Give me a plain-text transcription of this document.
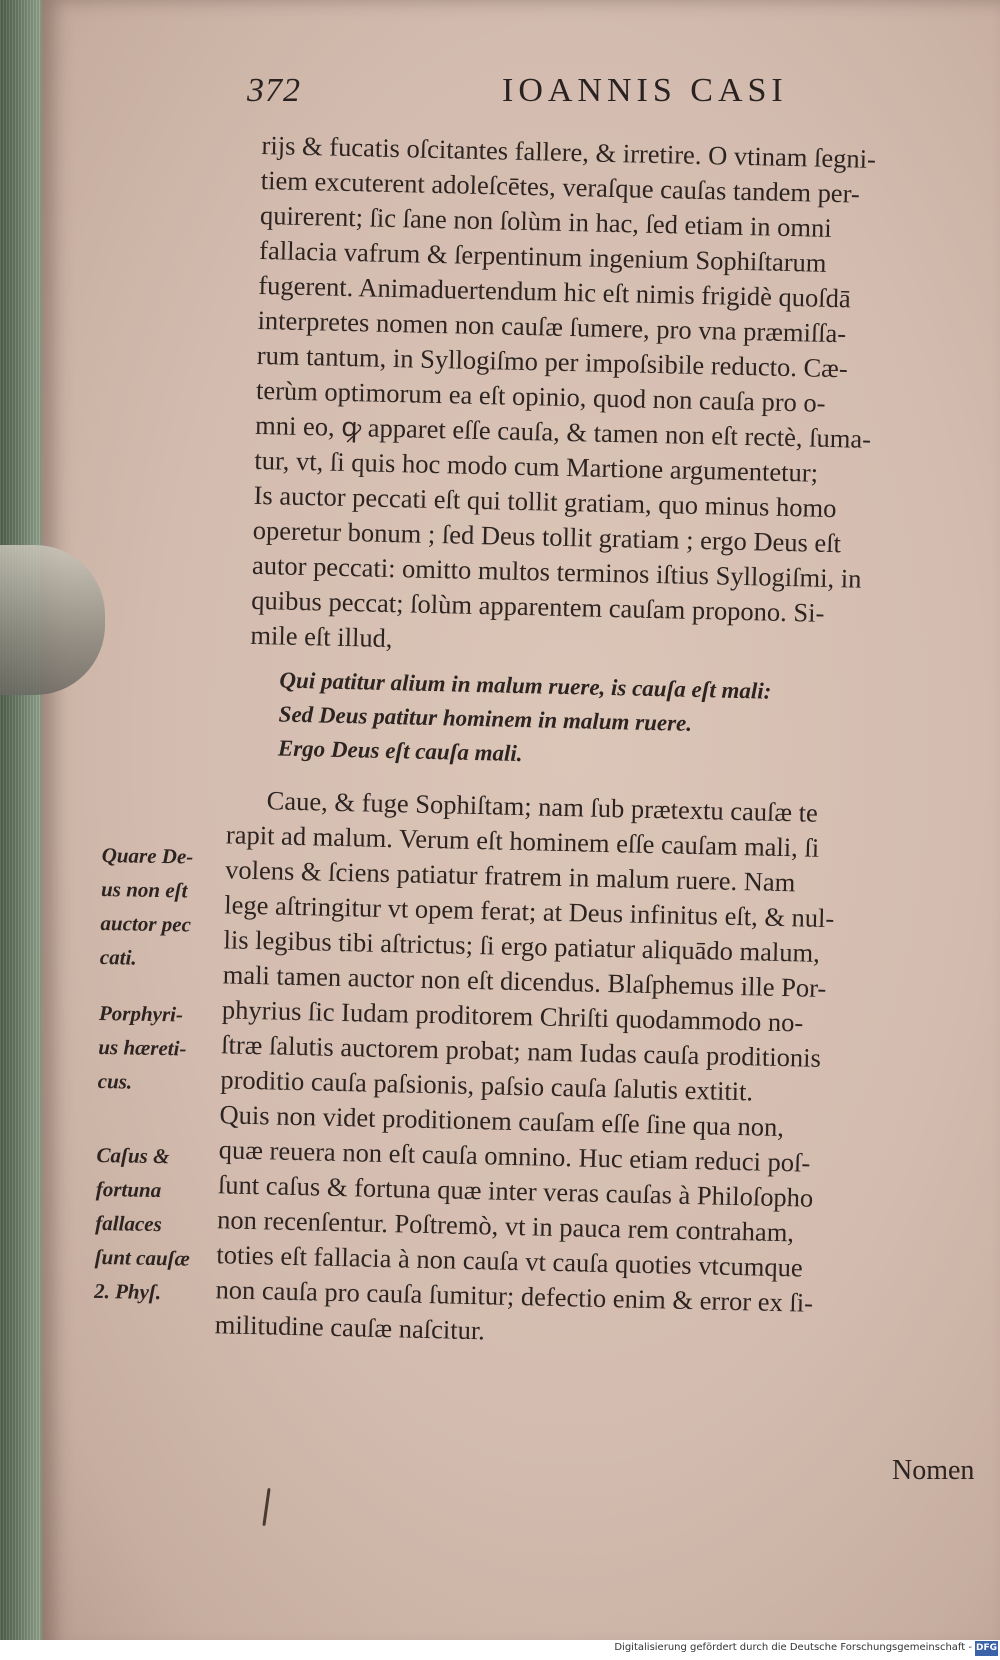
372	IOANNIS CASI
rijs & fucatis oſcitantes fallere, & irretire. O vtinam ſegni-
tiem excuterent adoleſcētes, veraſque cauſas tandem per-
quirerent; ſic ſane non ſolùm in hac, ſed etiam in omni
fallacia vafrum & ſerpentinum ingenium Sophiſtarum
fugerent. Animaduertendum hic eſt nimis frigidè quoſdā
interpretes nomen non cauſæ ſumere, pro vna præmiſſa-
rum tantum, in Syllogiſmo per impoſsibile reducto. Cæ-
terùm optimorum ea eſt opinio, quod non cauſa pro o-
mni eo, ꝙ apparet eſſe cauſa, & tamen non eſt rectè, ſuma-
tur, vt, ſi quis hoc modo cum Martione argumentetur;
Is auctor peccati eſt qui tollit gratiam, quo minus homo
operetur bonum ; ſed Deus tollit gratiam ; ergo Deus eſt
autor peccati: omitto multos terminos iſtius Syllogiſmi, in
quibus peccat; ſolùm apparentem cauſam propono. Si-
mile eſt illud,
Qui patitur alium in malum ruere, is cauſa eſt mali:
Sed Deus patitur hominem in malum ruere.
Ergo Deus eſt cauſa mali.
Caue, & fuge Sophiſtam; nam ſub prætextu cauſæ te
rapit ad malum. Verum eſt hominem eſſe cauſam mali, ſi
volens & ſciens patiatur fratrem in malum ruere. Nam
lege aſtringitur vt opem ferat; at Deus infinitus eſt, & nul-
lis legibus tibi aſtrictus; ſi ergo patiatur aliquādo malum,
mali tamen auctor non eſt dicendus. Blaſphemus ille Por-
phyrius ſic Iudam proditorem Chriſti quodammodo no-
ſtræ ſalutis auctorem probat; nam Iudas cauſa proditionis
proditio cauſa paſsionis, paſsio cauſa ſalutis extitit.
Quis non videt proditionem cauſam eſſe ſine qua non,
quæ reuera non eſt cauſa omnino. Huc etiam reduci poſ-
ſunt caſus & fortuna quæ inter veras cauſas à Philoſopho
non recenſentur. Poſtremò, vt in pauca rem contraham,
toties eſt fallacia à non cauſa vt cauſa quoties vtcumque
non cauſa pro cauſa ſumitur; defectio enim & error ex ſi-
militudine cauſæ naſcitur.
Quare De-
us non eſt
auctor pec
cati.
Porphyri-
us hæreti-
cus.
Caſus &
fortuna
fallaces
ſunt cauſæ
2. Phyſ.
Nomen
Digitalisierung gefördert durch die Deutsche Forschungsgemeinschaft - DFG
